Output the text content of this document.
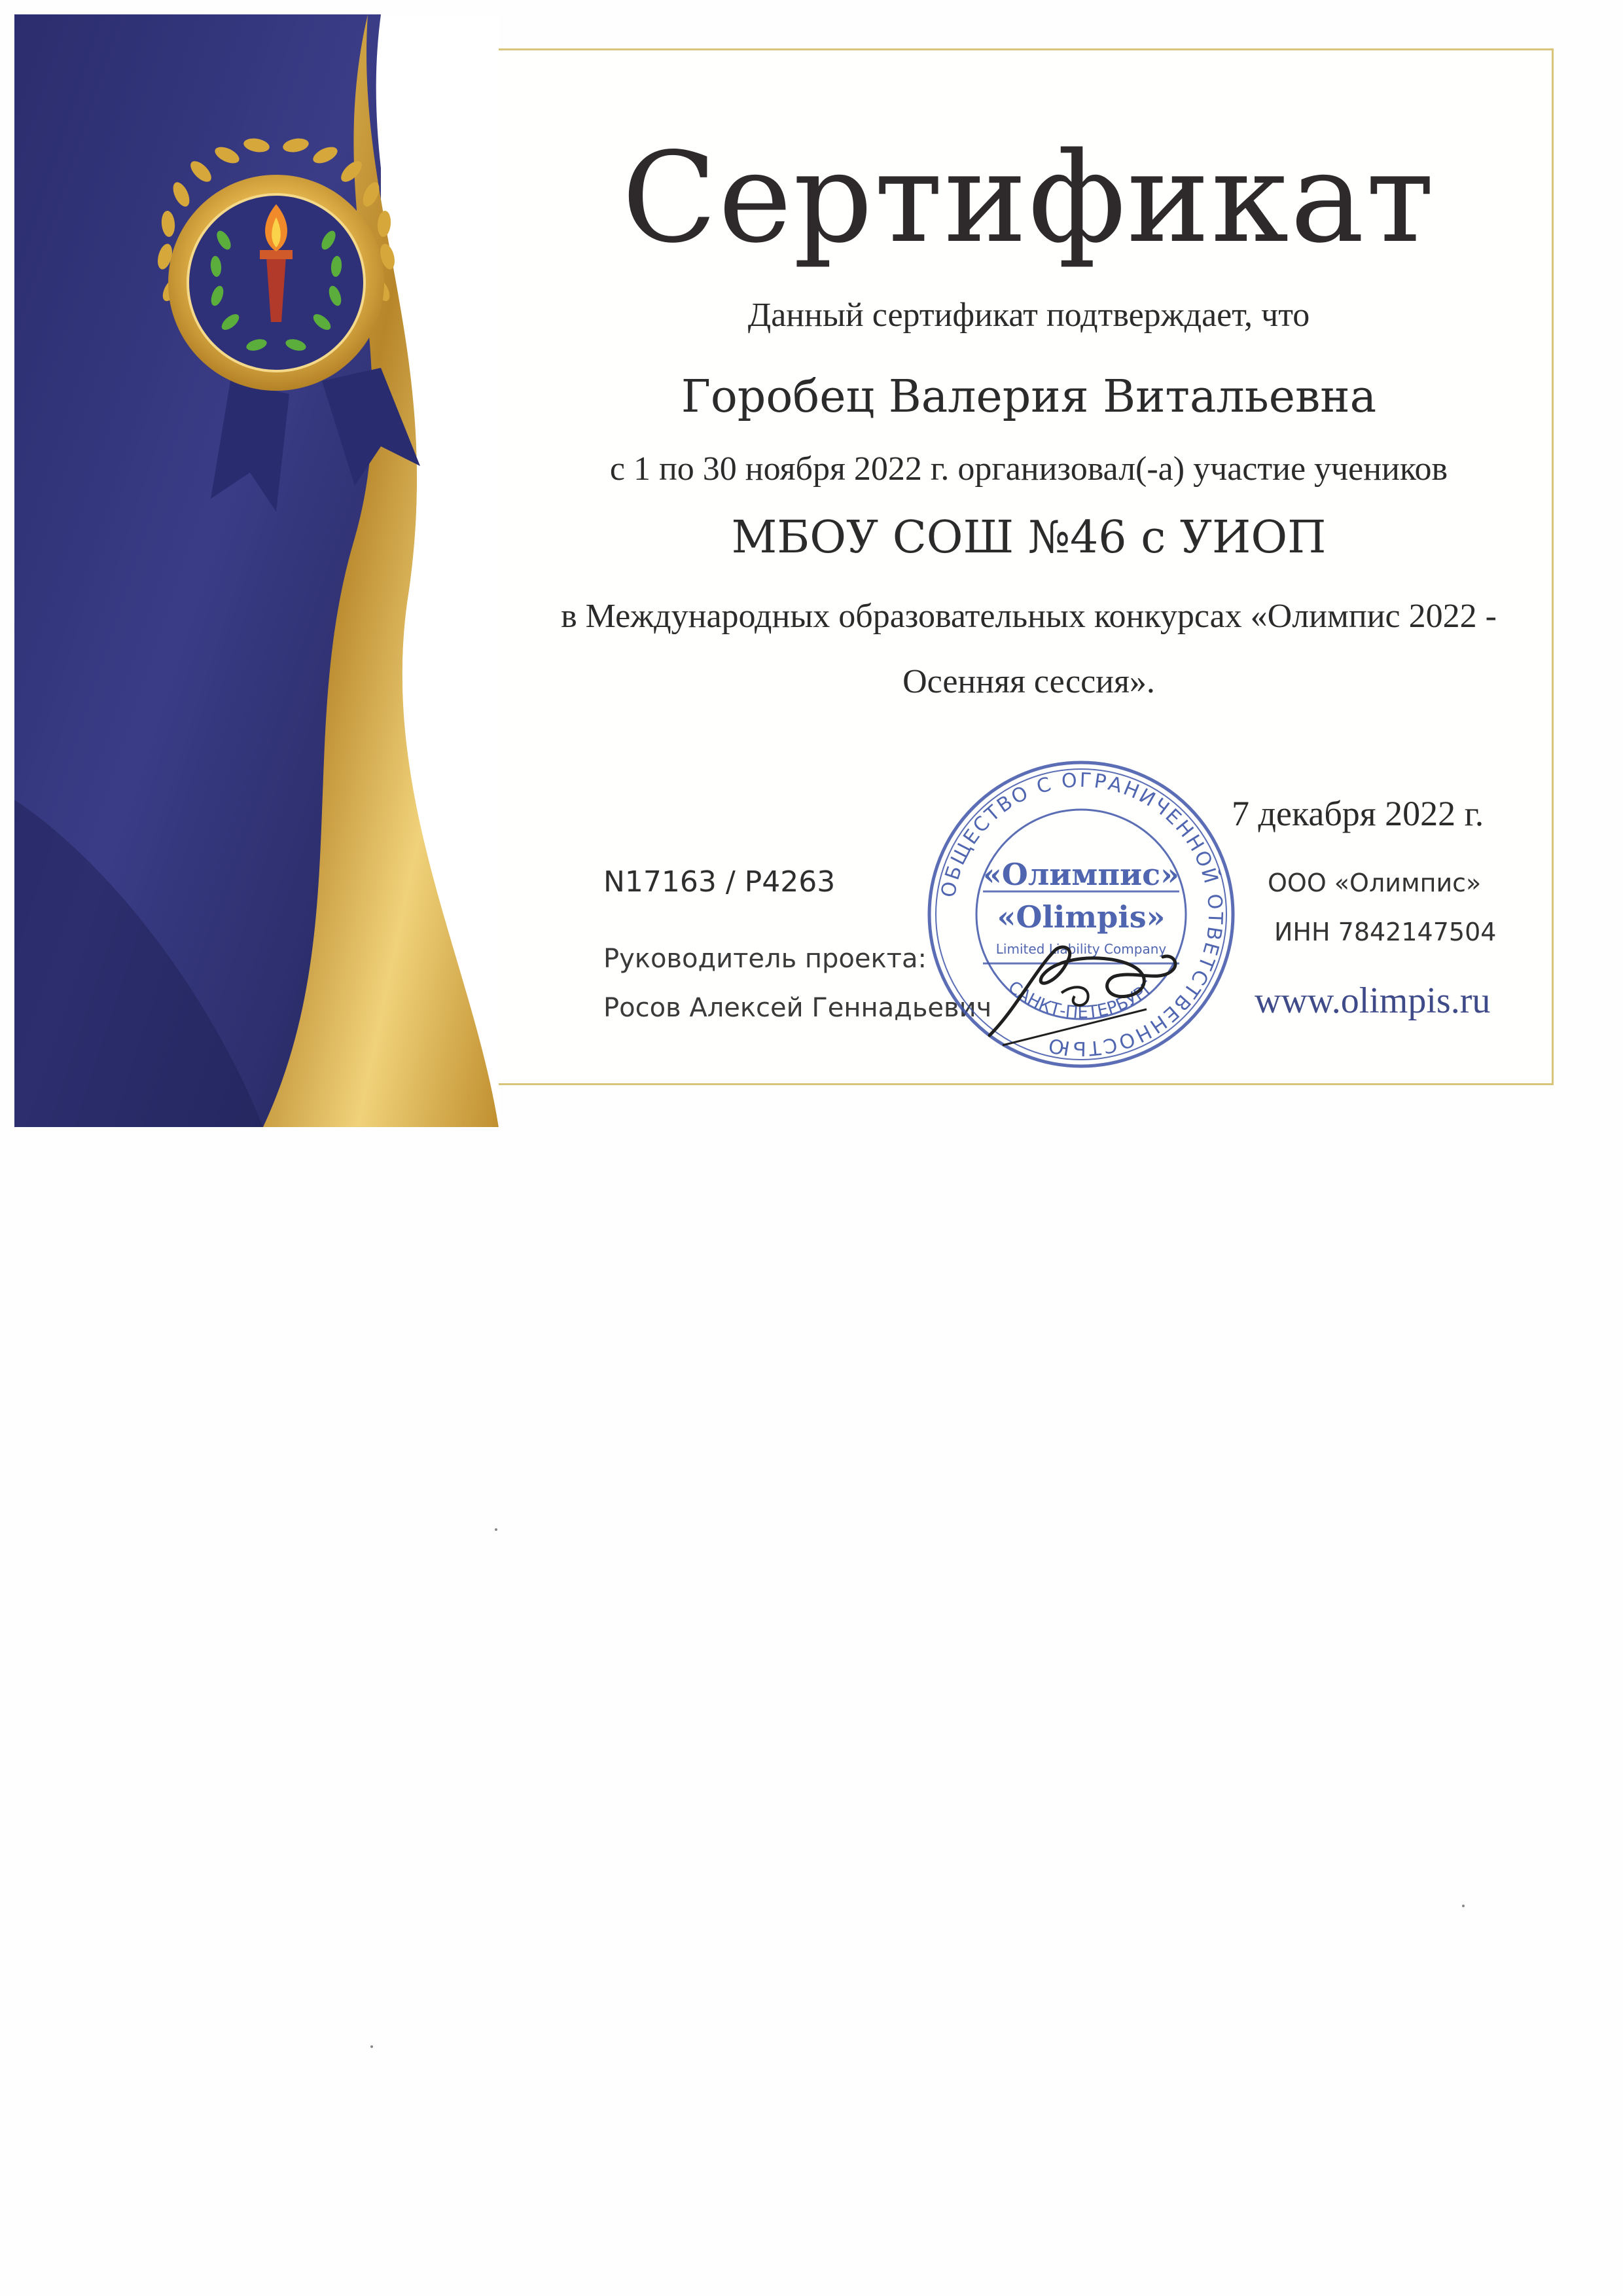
Сертификат
Данный сертификат подтверждает, что
Горобец Валерия Витальевна
с 1 по 30 ноября 2022 г. организовал(-а) участие учеников
МБОУ СОШ №46 с УИОП
в Международных образовательных конкурсах «Олимпис 2022 -
Осенняя сессия».
7 декабря 2022 г.
N17163 / P4263
Руководитель проекта:
Росов Алексей Геннадьевич
ООО «Олимпис»
ИНН 7842147504
www.olimpis.ru
ОБЩЕСТВО С ОГРАНИЧЕННОЙ ОТВЕТСТВЕННОСТЬЮ
САНКТ-ПЕТЕРБУРГ
«Олимпис»
«Olimpis»
Limited Liability Company
